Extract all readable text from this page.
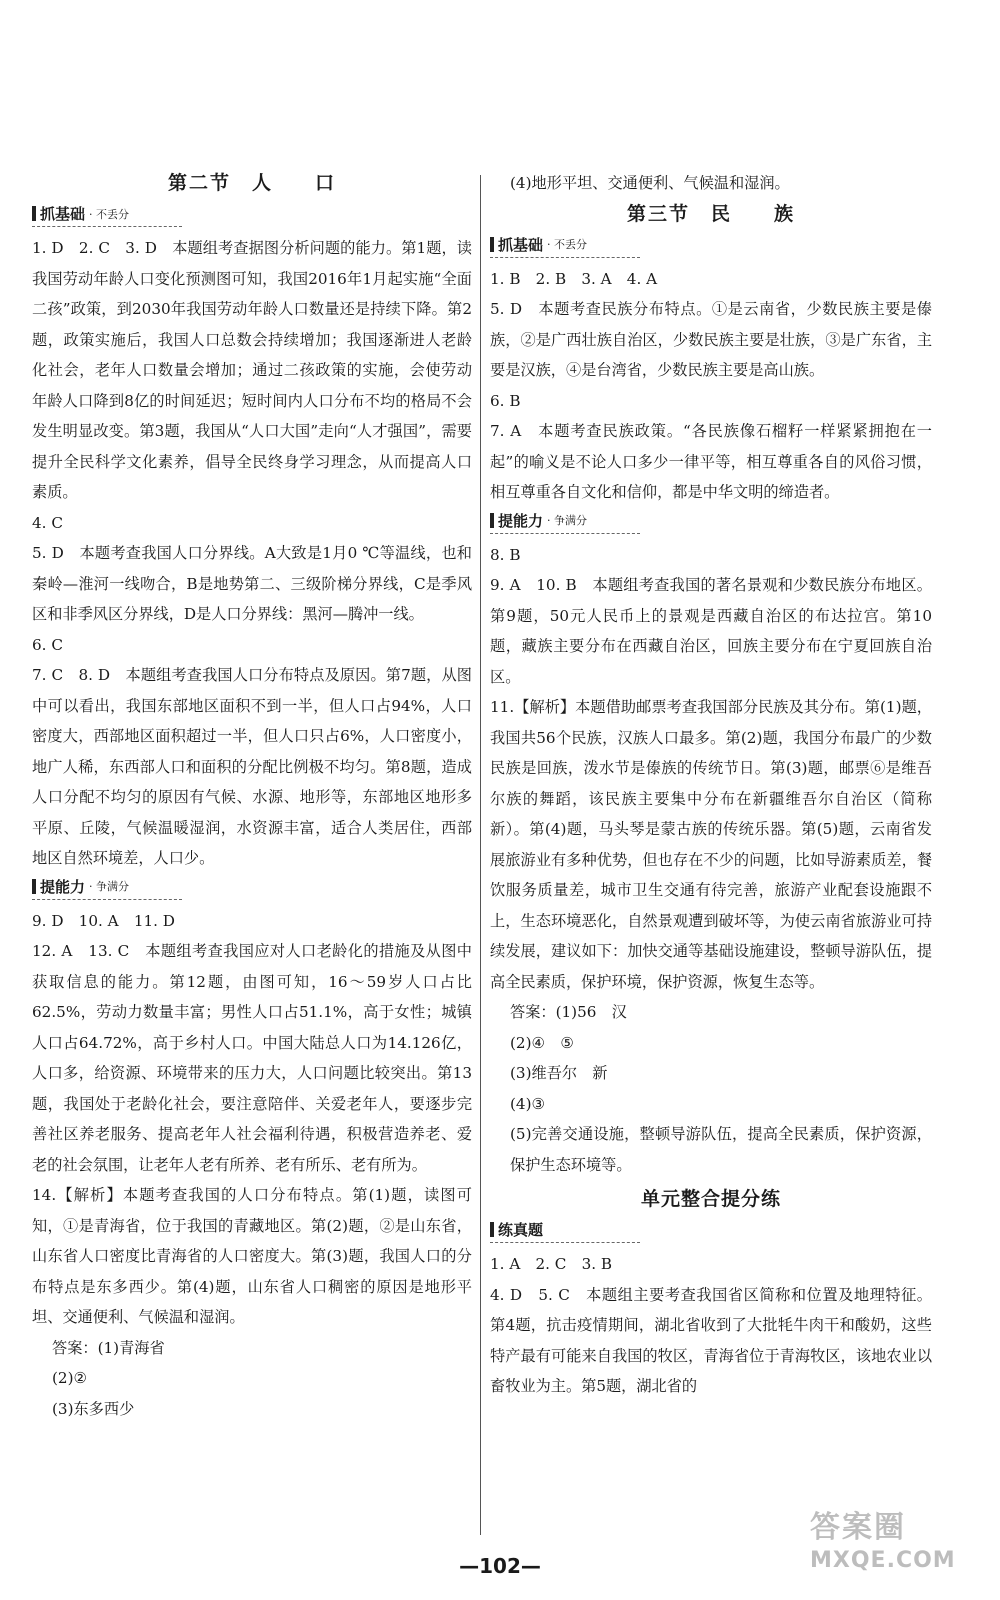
第二节　人　　口
抓基础 · 不丢分

1. D　2. C　3. D　本题组考查据图分析问题的能力。第1题，读我国劳动年龄人口变化预测图可知，我国2016年1月起实施“全面二孩”政策，到2030年我国劳动年龄人口数量还是持续下降。第2题，政策实施后，我国人口总数会持续增加；我国逐渐进人老龄化社会，老年人口数量会增加；通过二孩政策的实施，会使劳动年龄人口降到8亿的时间延迟；短时间内人口分布不均的格局不会发生明显改变。第3题，我国从“人口大国”走向“人才强国”，需要提升全民科学文化素养，倡导全民终身学习理念，从而提高人口素质。

4. C

5. D　本题考查我国人口分界线。A大致是1月0 ℃等温线，也和秦岭—淮河一线吻合，B是地势第二、三级阶梯分界线，C是季风区和非季风区分界线，D是人口分界线：黑河—腾冲一线。

6. C

7. C　8. D　本题组考查我国人口分布特点及原因。第7题，从图中可以看出，我国东部地区面积不到一半，但人口占94%，人口密度大，西部地区面积超过一半，但人口只占6%，人口密度小，地广人稀，东西部人口和面积的分配比例极不均匀。第8题，造成人口分配不均匀的原因有气候、水源、地形等，东部地区地形多平原、丘陵，气候温暖湿润，水资源丰富，适合人类居住，西部地区自然环境差，人口少。

提能力 · 争满分

9. D　10. A　11. D

12. A　13. C　本题组考查我国应对人口老龄化的措施及从图中获取信息的能力。第12题，由图可知，16～59岁人口占比62.5%，劳动力数量丰富；男性人口占51.1%，高于女性；城镇人口占64.72%，高于乡村人口。中国大陆总人口为14.126亿，人口多，给资源、环境带来的压力大，人口问题比较突出。第13题，我国处于老龄化社会，要注意陪伴、关爱老年人，要逐步完善社区养老服务、提高老年人社会福利待遇，积极营造养老、爱老的社会氛围，让老年人老有所养、老有所乐、老有所为。

14.【解析】本题考查我国的人口分布特点。第(1)题，读图可知，①是青海省，位于我国的青藏地区。第(2)题，②是山东省，山东省人口密度比青海省的人口密度大。第(3)题，我国人口的分布特点是东多西少。第(4)题，山东省人口稠密的原因是地形平坦、交通便利、气候温和湿润。

答案：(1)青海省

(2)②

(3)东多西少

(4)地形平坦、交通便利、气候温和湿润。

第三节　民　　族
抓基础 · 不丢分

1. B　2. B　3. A　4. A

5. D　本题考查民族分布特点。①是云南省，少数民族主要是傣族，②是广西壮族自治区，少数民族主要是壮族，③是广东省，主要是汉族，④是台湾省，少数民族主要是高山族。

6. B

7. A　本题考查民族政策。“各民族像石榴籽一样紧紧拥抱在一起”的喻义是不论人口多少一律平等，相互尊重各自的风俗习惯，相互尊重各自文化和信仰，都是中华文明的缔造者。

提能力 · 争满分

8. B

9. A　10. B　本题组考查我国的著名景观和少数民族分布地区。第9题，50元人民币上的景观是西藏自治区的布达拉宫。第10题，藏族主要分布在西藏自治区，回族主要分布在宁夏回族自治区。

11.【解析】本题借助邮票考查我国部分民族及其分布。第(1)题，我国共56个民族，汉族人口最多。第(2)题，我国分布最广的少数民族是回族，泼水节是傣族的传统节日。第(3)题，邮票⑥是维吾尔族的舞蹈，该民族主要集中分布在新疆维吾尔自治区（简称新）。第(4)题，马头琴是蒙古族的传统乐器。第(5)题，云南省发展旅游业有多种优势，但也存在不少的问题，比如导游素质差，餐饮服务质量差，城市卫生交通有待完善，旅游产业配套设施跟不上，生态环境恶化，自然景观遭到破坏等，为使云南省旅游业可持续发展，建议如下：加快交通等基础设施建设，整顿导游队伍，提高全民素质，保护环境，保护资源，恢复生态等。

答案：(1)56　汉

(2)④　⑤

(3)维吾尔　新

(4)③

(5)完善交通设施，整顿导游队伍，提高全民素质，保护资源，保护生态环境等。

单元整合提分练
练真题

1. A　2. C　3. B

4. D　5. C　本题组主要考查我国省区简称和位置及地理特征。第4题，抗击疫情期间，湖北省收到了大批牦牛肉干和酸奶，这些特产最有可能来自我国的牧区，青海省位于青海牧区，该地农业以畜牧业为主。第5题，湖北省的

—102—
答案圈
MXQE.COM
